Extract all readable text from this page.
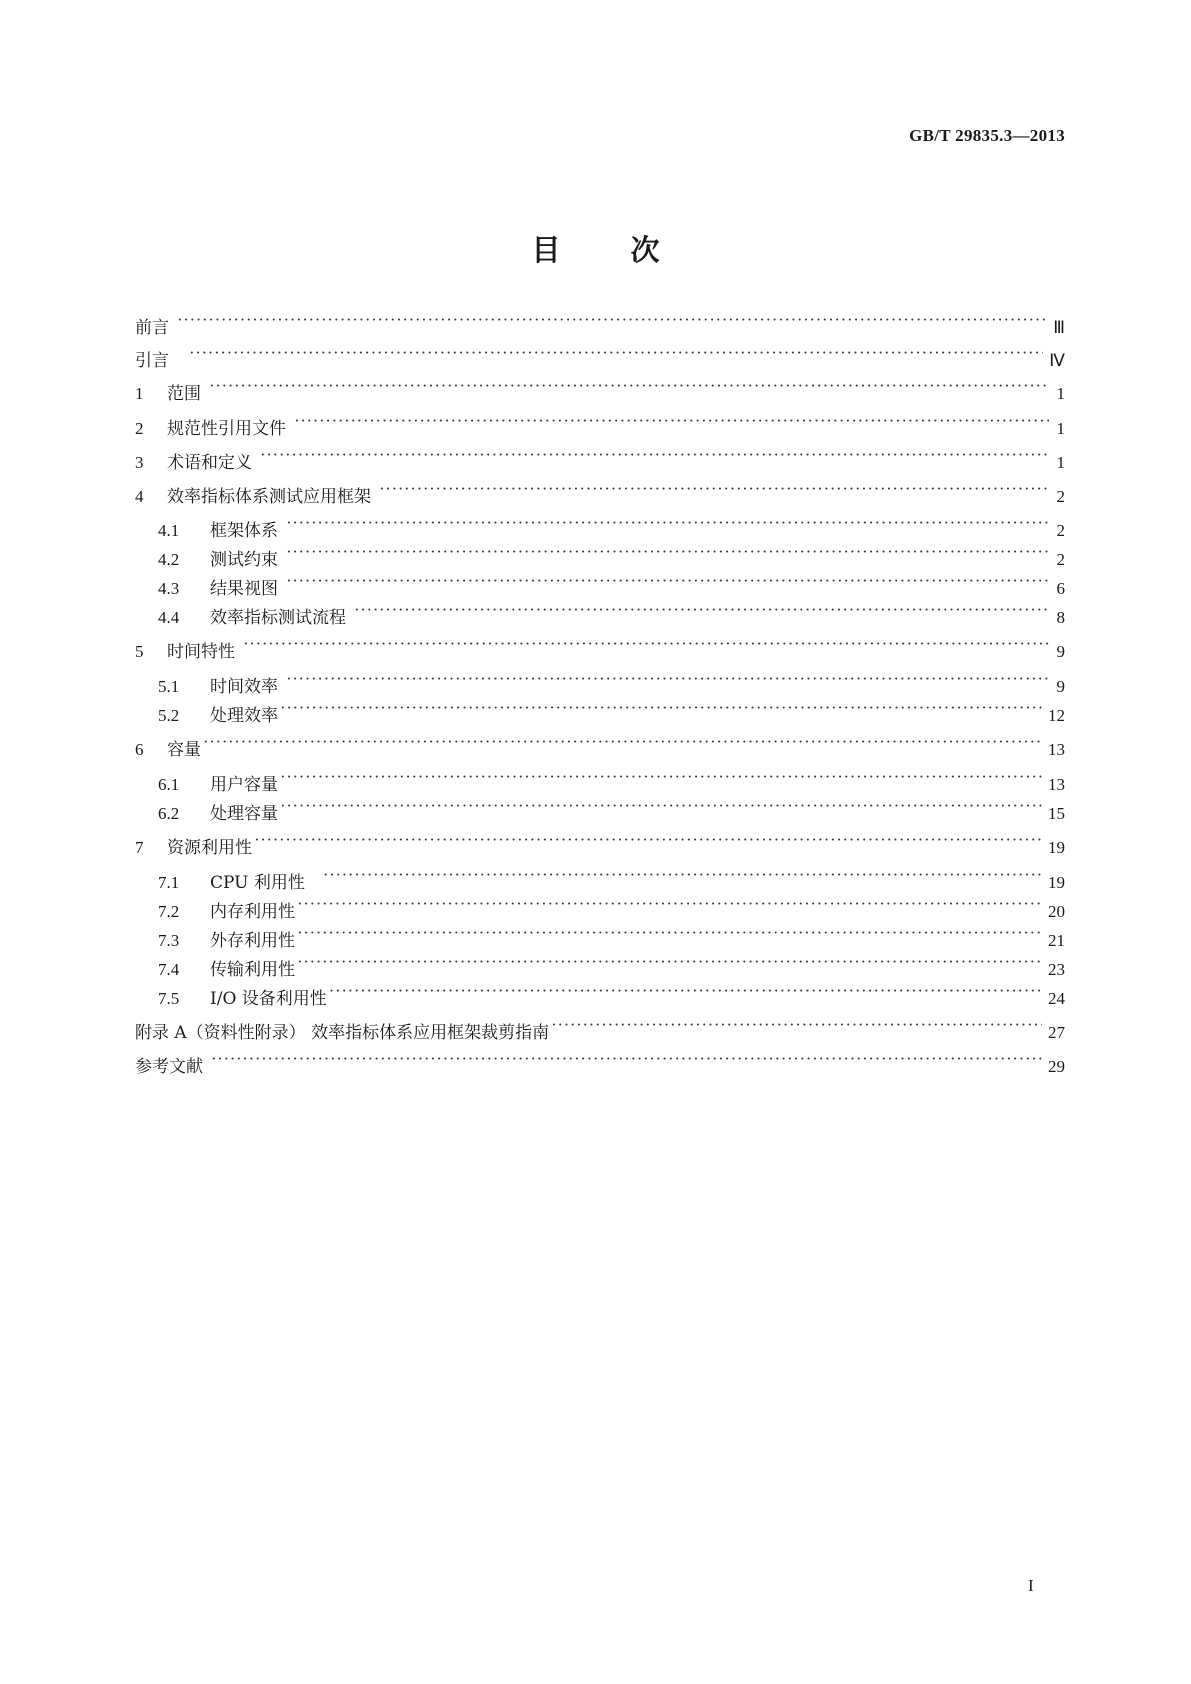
GB/T 29835.3—2013
目 次
前言 ·····	Ⅲ
引言 ·····	Ⅳ
1	范围 ·····	1
2	规范性引用文件 ·····	1
3	术语和定义 ·····	1
4	效率指标体系测试应用框架 ·····	2
4.1	框架体系 ·····	2
4.2	测试约束 ·····	2
4.3	结果视图 ·····	6
4.4	效率指标测试流程 ·····	8
5	时间特性 ·····	9
5.1	时间效率 ·····	9
5.2	处理效率 ·····	12
6	容量 ·····	13
6.1	用户容量 ·····	13
6.2	处理容量 ·····	15
7	资源利用性 ·····	19
7.1	CPU 利用性 ·····	19
7.2	内存利用性 ·····	20
7.3	外存利用性 ·····	21
7.4	传输利用性 ·····	23
7.5	I/O 设备利用性 ·····	24
附录 A（资料性附录） 效率指标体系应用框架裁剪指南 ·····	27
参考文献 ·····	29
I
